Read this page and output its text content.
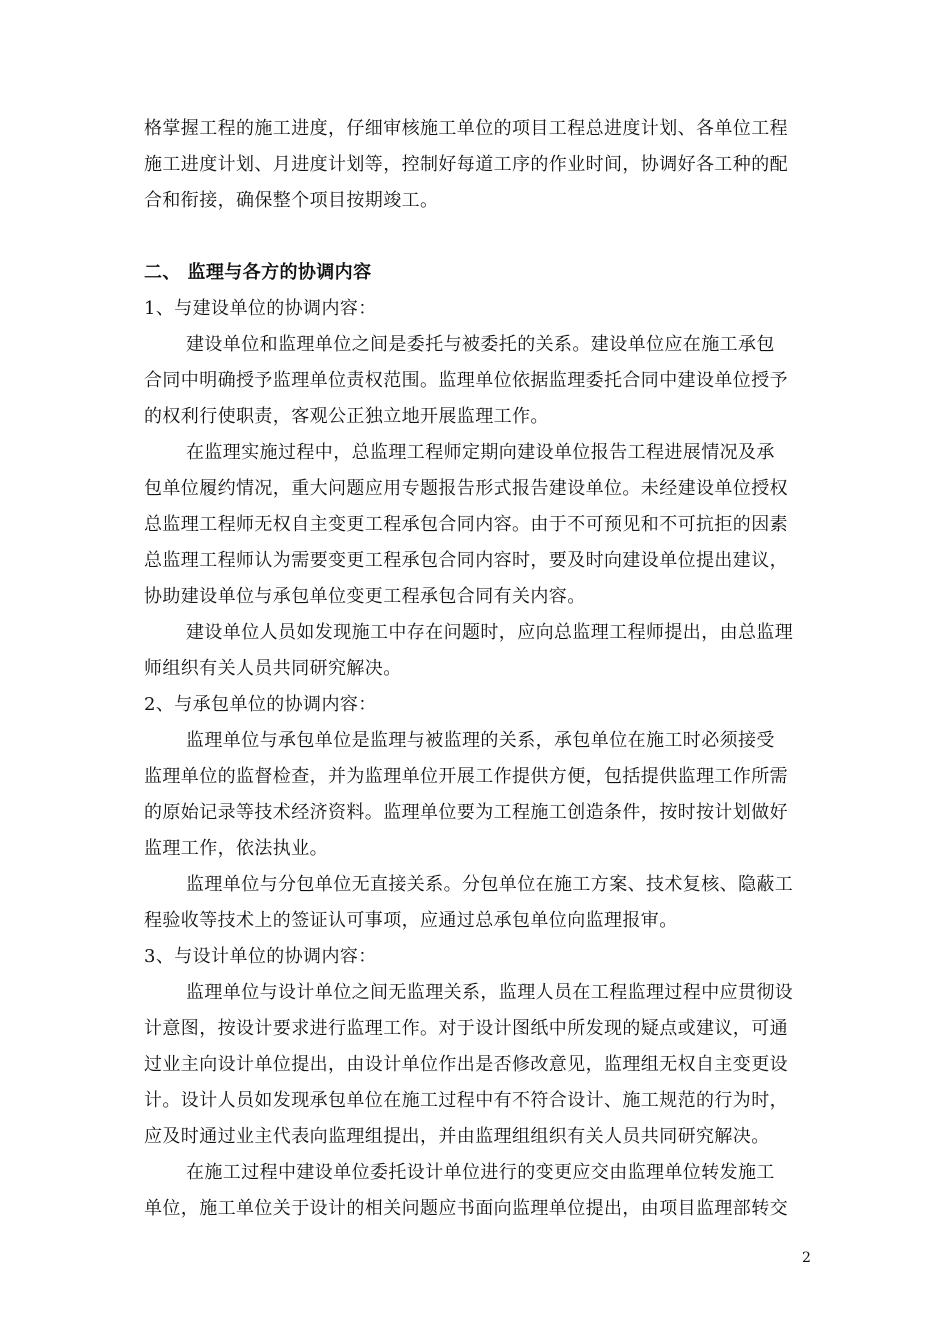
格掌握工程的施工进度，仔细审核施工单位的项目工程总进度计划、各单位工程
施工进度计划、月进度计划等，控制好每道工序的作业时间，协调好各工种的配
合和衔接，确保整个项目按期竣工。
二、 监理与各方的协调内容
1、与建设单位的协调内容：
建设单位和监理单位之间是委托与被委托的关系。建设单位应在施工承包
合同中明确授予监理单位责权范围。监理单位依据监理委托合同中建设单位授予
的权利行使职责，客观公正独立地开展监理工作。
在监理实施过程中，总监理工程师定期向建设单位报告工程进展情况及承
包单位履约情况，重大问题应用专题报告形式报告建设单位。未经建设单位授权
总监理工程师无权自主变更工程承包合同内容。由于不可预见和不可抗拒的因素
总监理工程师认为需要变更工程承包合同内容时，要及时向建设单位提出建议，
协助建设单位与承包单位变更工程承包合同有关内容。
建设单位人员如发现施工中存在问题时，应向总监理工程师提出，由总监理
师组织有关人员共同研究解决。
2、与承包单位的协调内容：
监理单位与承包单位是监理与被监理的关系，承包单位在施工时必须接受
监理单位的监督检查，并为监理单位开展工作提供方便，包括提供监理工作所需
的原始记录等技术经济资料。监理单位要为工程施工创造条件，按时按计划做好
监理工作，依法执业。
监理单位与分包单位无直接关系。分包单位在施工方案、技术复核、隐蔽工
程验收等技术上的签证认可事项，应通过总承包单位向监理报审。
3、与设计单位的协调内容：
监理单位与设计单位之间无监理关系，监理人员在工程监理过程中应贯彻设
计意图，按设计要求进行监理工作。对于设计图纸中所发现的疑点或建议，可通
过业主向设计单位提出，由设计单位作出是否修改意见，监理组无权自主变更设
计。设计人员如发现承包单位在施工过程中有不符合设计、施工规范的行为时，
应及时通过业主代表向监理组提出，并由监理组组织有关人员共同研究解决。
在施工过程中建设单位委托设计单位进行的变更应交由监理单位转发施工
单位，施工单位关于设计的相关问题应书面向监理单位提出，由项目监理部转交
2
